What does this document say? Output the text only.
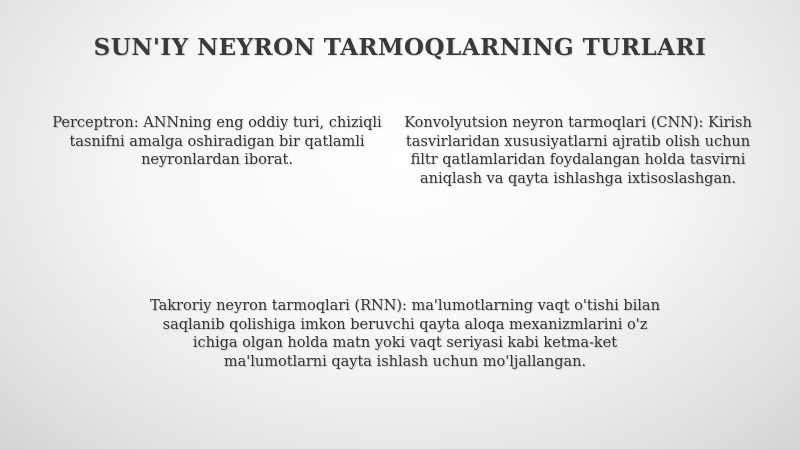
SUN'IY NEYRON TARMOQLARNING TURLARI
Perceptron: ANNning eng oddiy turi, chiziqli tasnifni amalga oshiradigan bir qatlamli neyronlardan iborat.
Konvolyutsion neyron tarmoqlari (CNN): Kirish tasvirlaridan xususiyatlarni ajratib olish uchun filtr qatlamlaridan foydalangan holda tasvirni aniqlash va qayta ishlashga ixtisoslashgan.
Takroriy neyron tarmoqlari (RNN): ma'lumotlarning vaqt o'tishi bilan saqlanib qolishiga imkon beruvchi qayta aloqa mexanizmlarini o'z ichiga olgan holda matn yoki vaqt seriyasi kabi ketma-ket ma'lumotlarni qayta ishlash uchun mo'ljallangan.
